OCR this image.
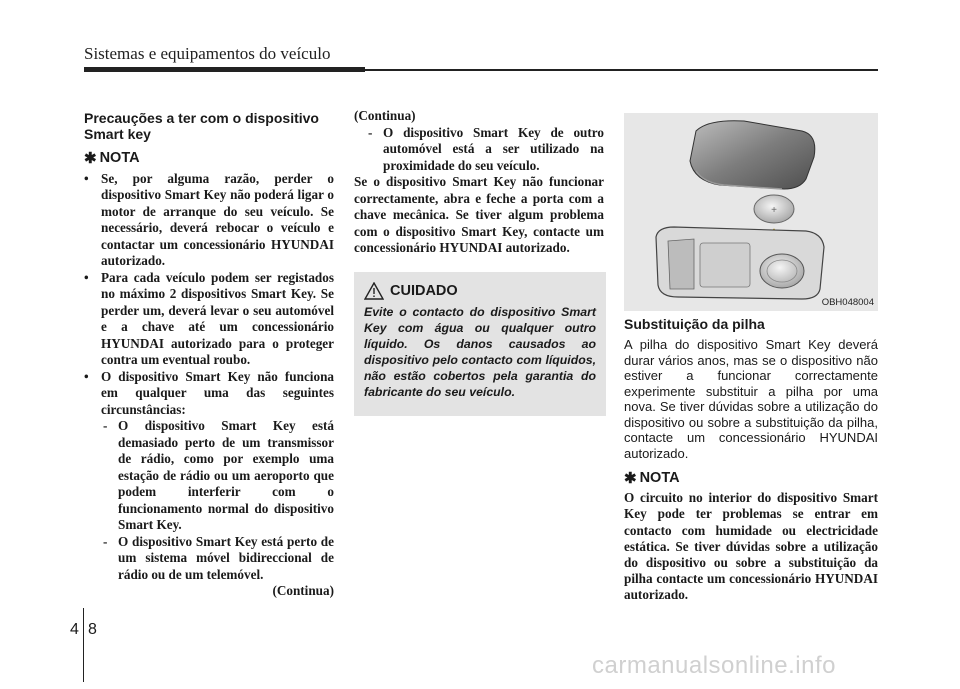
Sistemas e equipamentos do veículo
Precauções a ter com o dispositivo Smart key
✱ NOTA
• Se, por alguma razão, perder o dispositivo Smart Key não poderá ligar o motor de arranque do seu veículo. Se necessário, deverá rebocar o veículo e contactar um concessionário HYUNDAI autorizado.
• Para cada veículo podem ser registados no máximo 2 dispositivos Smart Key. Se perder um, deverá levar o seu automóvel e a chave até um concessionário HYUNDAI autorizado para o proteger contra um eventual roubo.
• O dispositivo Smart Key não funciona em qualquer uma das seguintes circunstâncias:
- O dispositivo Smart Key está demasiado perto de um transmissor de rádio, como por exemplo uma estação de rádio ou um aeroporto que podem interferir com o funcionamento normal do dispositivo Smart Key.
- O dispositivo Smart Key está perto de um sistema móvel bidireccional de rádio ou de um telemóvel.
(Continua)
(Continua)
- O dispositivo Smart Key de outro automóvel está a ser utilizado na proximidade do seu veículo.
Se o dispositivo Smart Key não funcionar correctamente, abra e feche a porta com a chave mecânica. Se tiver algum problema com o dispositivo Smart Key, contacte um concessionário HYUNDAI autorizado.
CUIDADO
Evite o contacto do dispositivo Smart Key com água ou qualquer outro líquido. Os danos causados ao dispositivo pelo contacto com líquidos, não estão cobertos pela garantia do fabricante do seu veículo.
+
OBH048004
Substituição da pilha

A pilha do dispositivo Smart Key deverá durar vários anos, mas se o dispositivo não estiver a funcionar correctamente experimente substituir a pilha por uma nova. Se tiver dúvidas sobre a utilização do dispositivo ou sobre a substituição da pilha, contacte um concessionário HYUNDAI autorizado.

✱ NOTA
O circuito no interior do dispositivo Smart Key pode ter problemas se entrar em contacto com humidade ou electricidade estática. Se tiver dúvidas sobre a utilização do dispositivo ou sobre a substituição da pilha contacte um concessionário HYUNDAI autorizado.
4 8
carmanualsonline.info
